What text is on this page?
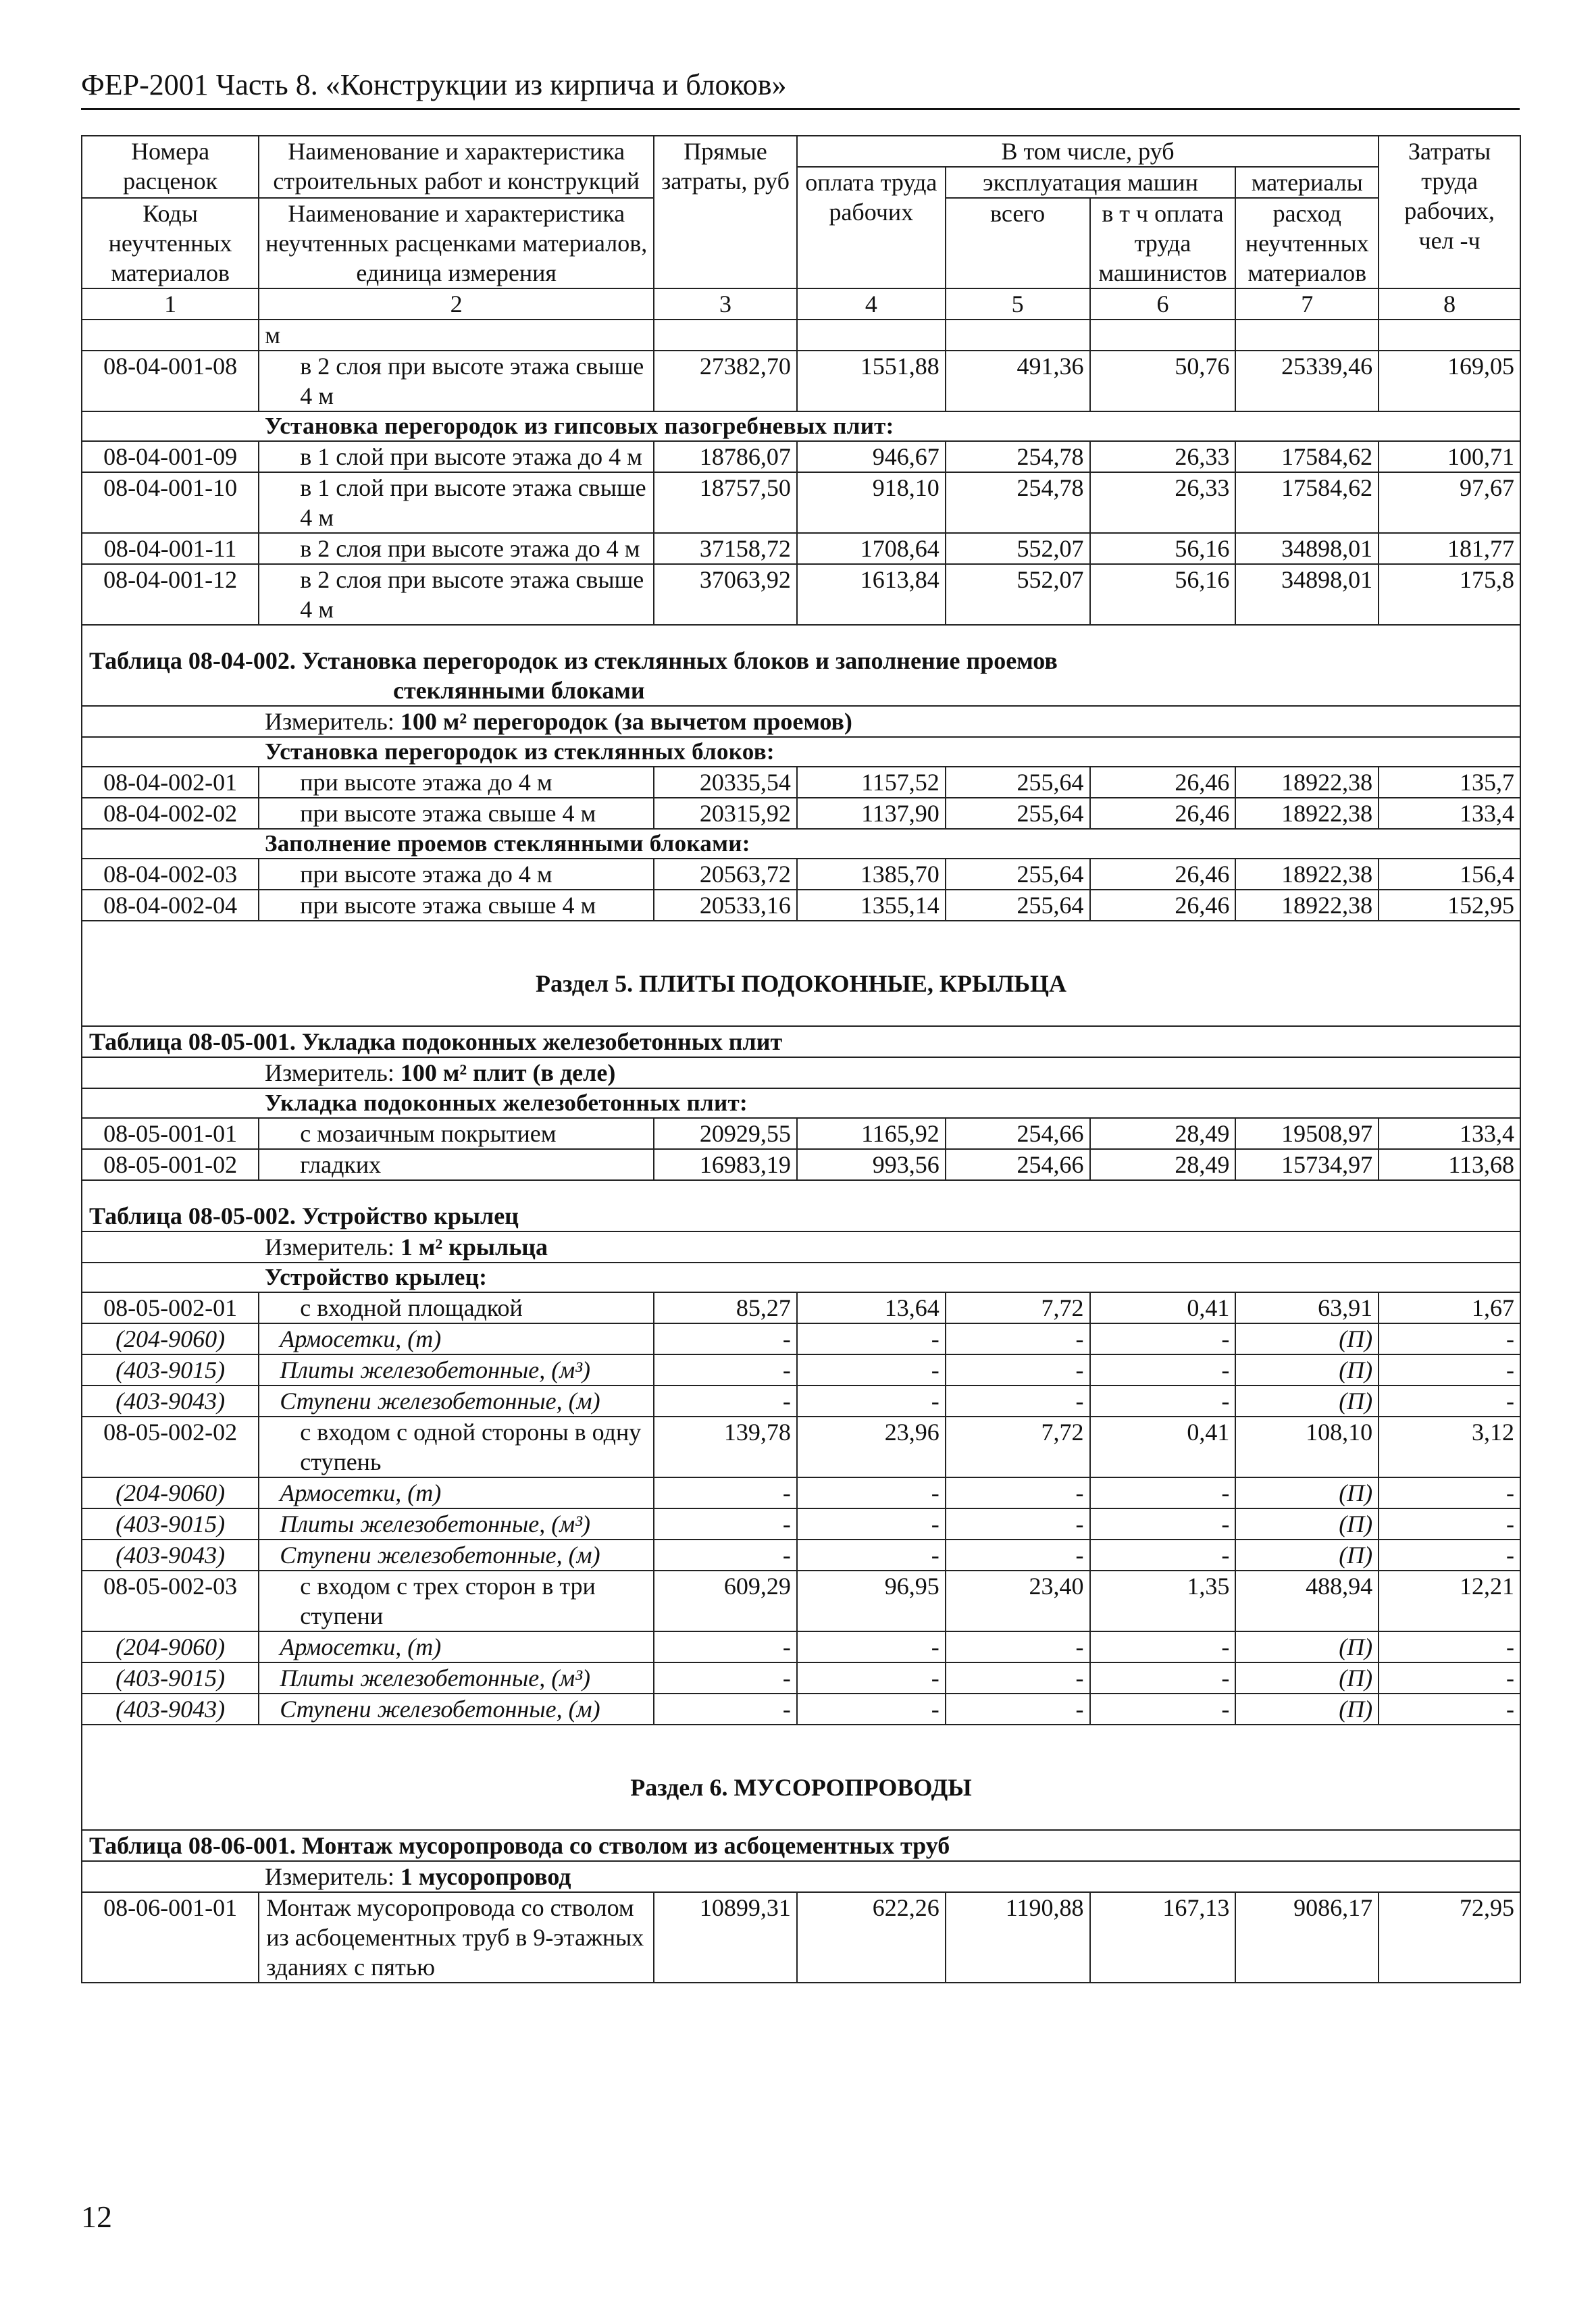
ФЕР-2001 Часть 8. «Конструкции из кирпича и блоков»
Номера расценок	Наименование и характеристика строительных работ и конструкций	Прямые затраты, руб	В том числе, руб				Затраты труда рабочих, чел -ч
			оплата труда рабочих	эксплуатация машин		материалы	
Коды неучтенных материалов	Наименование и характеристика неучтенных расценками материалов, единица измерения			всего	в т ч оплата труда машинистов	расход неучтенных материалов	

1	2	3	4	5	6	7	8
	м						
08-04-001-08	в 2 слоя при высоте этажа свыше 4 м	27382,70	1551,88	491,36	50,76	25339,46	169,05
Установка перегородок из гипсовых пазогребневых плит:							
08-04-001-09	в 1 слой при высоте этажа до 4 м	18786,07	946,67	254,78	26,33	17584,62	100,71
08-04-001-10	в 1 слой при высоте этажа свыше 4 м	18757,50	918,10	254,78	26,33	17584,62	97,67
08-04-001-11	в 2 слоя при высоте этажа до 4 м	37158,72	1708,64	552,07	56,16	34898,01	181,77
08-04-001-12	в 2 слоя при высоте этажа свыше 4 м	37063,92	1613,84	552,07	56,16	34898,01	175,8
Таблица 08-04-002. Установка перегородок из стеклянных блоков и заполнение проемов
стеклянными блоками							

Измеритель: 100 м² перегородок (за вычетом проемов)							
Установка перегородок из стеклянных блоков:							
08-04-002-01	при высоте этажа до 4 м	20335,54	1157,52	255,64	26,46	18922,38	135,7
08-04-002-02	при высоте этажа свыше 4 м	20315,92	1137,90	255,64	26,46	18922,38	133,4
Заполнение проемов стеклянными блоками:							
08-04-002-03	при высоте этажа до 4 м	20563,72	1385,70	255,64	26,46	18922,38	156,4
08-04-002-04	при высоте этажа свыше 4 м	20533,16	1355,14	255,64	26,46	18922,38	152,95
Раздел 5. ПЛИТЫ ПОДОКОННЫЕ, КРЫЛЬЦА							
Таблица 08-05-001. Укладка подоконных железобетонных плит							
Измеритель: 100 м² плит (в деле)							
Укладка подоконных железобетонных плит:							
08-05-001-01	с мозаичным покрытием	20929,55	1165,92	254,66	28,49	19508,97	133,4
08-05-001-02	гладких	16983,19	993,56	254,66	28,49	15734,97	113,68
Таблица 08-05-002. Устройство крылец							
Измеритель: 1 м² крыльца							
Устройство крылец:							
08-05-002-01	с входной площадкой	85,27	13,64	7,72	0,41	63,91	1,67
(204-9060)	Армосетки, (т)	-	-	-	-	(П)	-
(403-9015)	Плиты железобетонные, (м³)	-	-	-	-	(П)	-
(403-9043)	Ступени железобетонные, (м)	-	-	-	-	(П)	-
08-05-002-02	с входом с одной стороны в одну ступень	139,78	23,96	7,72	0,41	108,10	3,12
(204-9060)	Армосетки, (т)	-	-	-	-	(П)	-
(403-9015)	Плиты железобетонные, (м³)	-	-	-	-	(П)	-
(403-9043)	Ступени железобетонные, (м)	-	-	-	-	(П)	-
08-05-002-03	с входом с трех сторон в три ступени	609,29	96,95	23,40	1,35	488,94	12,21
(204-9060)	Армосетки, (т)	-	-	-	-	(П)	-
(403-9015)	Плиты железобетонные, (м³)	-	-	-	-	(П)	-
(403-9043)	Ступени железобетонные, (м)	-	-	-	-	(П)	-
Раздел 6. МУСОРОПРОВОДЫ							
Таблица 08-06-001. Монтаж мусоропровода со стволом из асбоцементных труб							
Измеритель: 1 мусоропровод							
08-06-001-01	Монтаж мусоропровода со стволом из асбоцементных труб в 9-этажных зданиях с пятью	10899,31	622,26	1190,88	167,13	9086,17	72,95
12
